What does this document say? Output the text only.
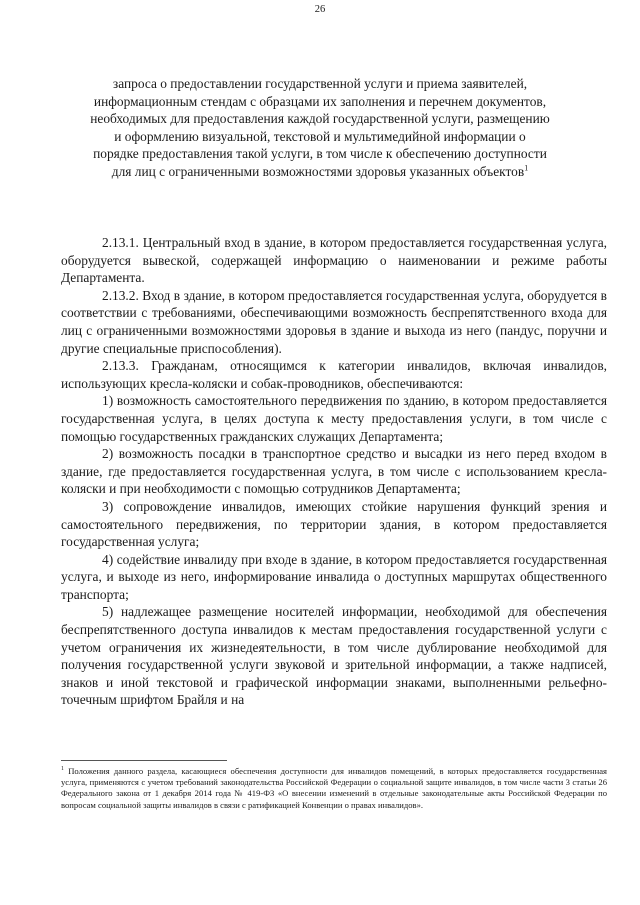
26
запроса о предоставлении государственной услуги и приема заявителей, информационным стендам с образцами их заполнения и перечнем документов, необходимых для предоставления каждой государственной услуги, размещению и оформлению визуальной, текстовой и мультимедийной информации о порядке предоставления такой услуги, в том числе к обеспечению доступности для лиц с ограниченными возможностями здоровья указанных объектов$^1$

2.13.1. Центральный вход в здание, в котором предоставляется государственная услуга, оборудуется вывеской, содержащей информацию о наименовании и режиме работы Департамента.

2.13.2. Вход в здание, в котором предоставляется государственная услуга, оборудуется в соответствии с требованиями, обеспечивающими возможность беспрепятственного входа для лиц с ограниченными возможностями здоровья в здание и выхода из него (пандус, поручни и другие специальные приспособления).

2.13.3. Гражданам, относящимся к категории инвалидов, включая инвалидов, использующих кресла-коляски и собак-проводников, обеспечиваются:

1) возможность самостоятельного передвижения по зданию, в котором предоставляется государственная услуга, в целях доступа к месту предоставления услуги, в том числе с помощью государственных гражданских служащих Департамента;

2) возможность посадки в транспортное средство и высадки из него перед входом в здание, где предоставляется государственная услуга, в том числе с использованием кресла-коляски и при необходимости с помощью сотрудников Департамента;

3) сопровождение инвалидов, имеющих стойкие нарушения функций зрения и самостоятельного передвижения, по территории здания, в котором предоставляется государственная услуга;

4) содействие инвалиду при входе в здание, в котором предоставляется государственная услуга, и выходе из него, информирование инвалида о доступных маршрутах общественного транспорта;

5) надлежащее размещение носителей информации, необходимой для обеспечения беспрепятственного доступа инвалидов к местам предоставления государственной услуги с учетом ограничения их жизнедеятельности, в том числе дублирование необходимой для получения государственной услуги звуковой и зрительной информации, а также надписей, знаков и иной текстовой и графической информации знаками, выполненными рельефно-точечным шрифтом Брайля и на

$^1$ Положения данного раздела, касающиеся обеспечения доступности для инвалидов помещений, в которых предоставляется государственная услуга, применяются с учетом требований законодательства Российской Федерации о социальной защите инвалидов, в том числе части 3 статьи 26 Федерального закона от 1 декабря 2014 года № 419-ФЗ «О внесении изменений в отдельные законодательные акты Российской Федерации по вопросам социальной защиты инвалидов в связи с ратификацией Конвенции о правах инвалидов».
